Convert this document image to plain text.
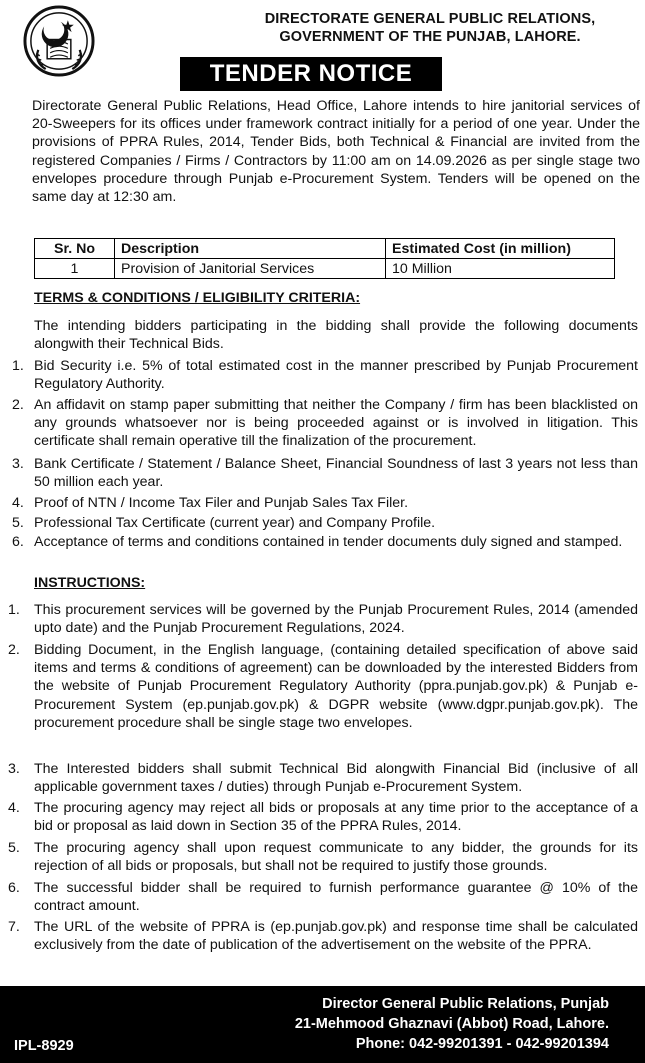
DIRECTORATE GENERAL PUBLIC RELATIONS,
GOVERNMENT OF THE PUNJAB, LAHORE.
TENDER NOTICE

Directorate General Public Relations, Head Office, Lahore intends to hire janitorial services of 20-Sweepers for its offices under framework contract initially for a period of one year. Under the provisions of PPRA Rules, 2014, Tender Bids, both Technical & Financial are invited from the registered Companies / Firms / Contractors by 11:00 am on 14.09.2026 as per single stage two envelopes procedure through Punjab e-Procurement System. Tenders will be opened on the same day at 12:30 am.

Sr. No	Description	Estimated Cost (in million)
1	Provision of Janitorial Services	10 Million
TERMS & CONDITIONS / ELIGIBILITY CRITERIA:

The intending bidders participating in the bidding shall provide the following documents alongwith their Technical Bids.

1. Bid Security i.e. 5% of total estimated cost in the manner prescribed by Punjab Procurement Regulatory Authority.

2. An affidavit on stamp paper submitting that neither the Company / firm has been blacklisted on any grounds whatsoever nor is being proceeded against or is involved in litigation. This certificate shall remain operative till the finalization of the procurement.

3. Bank Certificate / Statement / Balance Sheet, Financial Soundness of last 3 years not less than 50 million each year.

4. Proof of NTN / Income Tax Filer and Punjab Sales Tax Filer.

5. Professional Tax Certificate (current year) and Company Profile.

6. Acceptance of terms and conditions contained in tender documents duly signed and stamped.

INSTRUCTIONS:
1. This procurement services will be governed by the Punjab Procurement Rules, 2014 (amended upto date) and the Punjab Procurement Regulations, 2024.

2. Bidding Document, in the English language, (containing detailed specification of above said items and terms & conditions of agreement) can be downloaded by the interested Bidders from the website of Punjab Procurement Regulatory Authority (ppra.punjab.gov.pk) & Punjab e-Procurement System (ep.punjab.gov.pk) & DGPR website (www.dgpr.punjab.gov.pk). The procurement procedure shall be single stage two envelopes.

3. The Interested bidders shall submit Technical Bid alongwith Financial Bid (inclusive of all applicable government taxes / duties) through Punjab e-Procurement System.

4. The procuring agency may reject all bids or proposals at any time prior to the acceptance of a bid or proposal as laid down in Section 35 of the PPRA Rules, 2014.

5. The procuring agency shall upon request communicate to any bidder, the grounds for its rejection of all bids or proposals, but shall not be required to justify those grounds.

6. The successful bidder shall be required to furnish performance guarantee @ 10% of the contract amount.

7. The URL of the website of PPRA is (ep.punjab.gov.pk) and response time shall be calculated exclusively from the date of publication of the advertisement on the website of the PPRA.

Director General Public Relations, Punjab
21-Mehmood Ghaznavi (Abbot) Road, Lahore.
Phone: 042-99201391 - 042-99201394
IPL-8929
